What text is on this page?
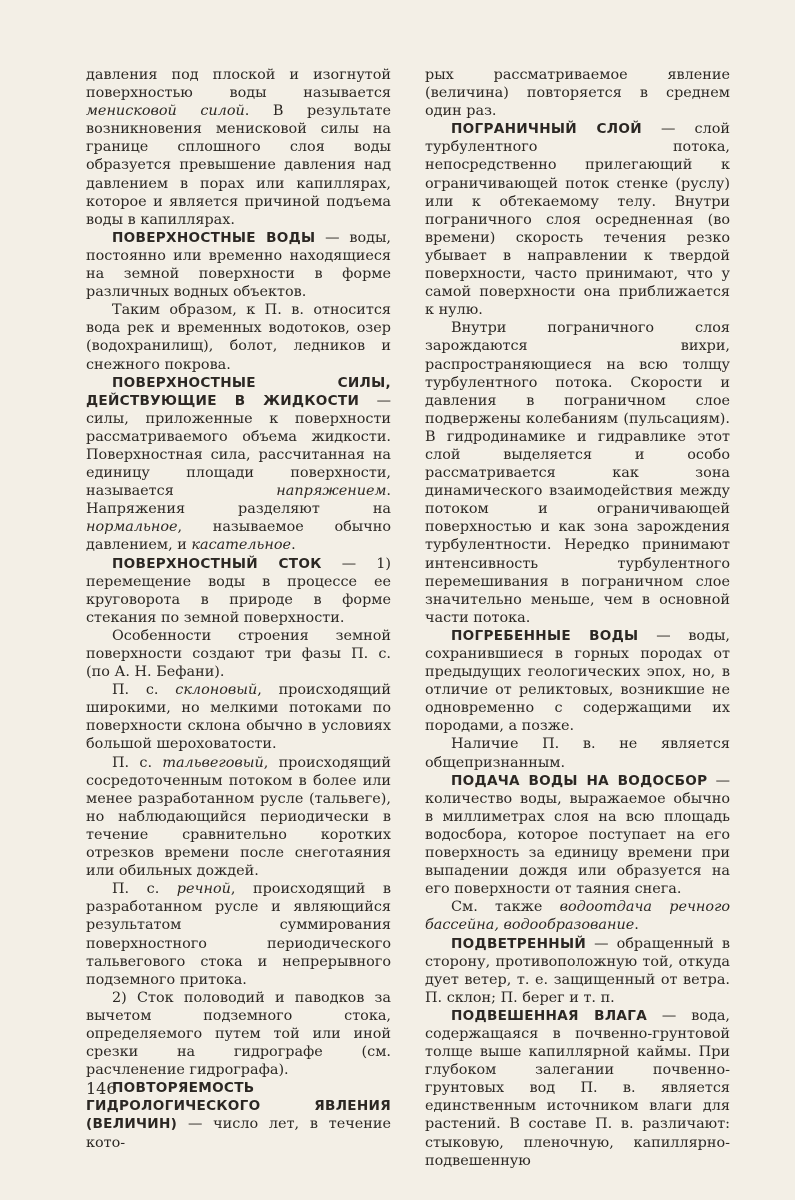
давления под плоской и изогнутой поверхностью воды называется менисковой силой. В результате возникновения менисковой силы на границе сплошного слоя воды образуется превышение давления над давлением в порах или капиллярах, которое и является причиной подъема воды в капиллярах.

ПОВЕРХНОСТНЫЕ ВОДЫ — воды, постоянно или временно находящиеся на земной поверхности в форме различных водных объектов.

Таким образом, к П. в. относится вода рек и временных водотоков, озер (водохранилищ), болот, ледников и снежного покрова.

ПОВЕРХНОСТНЫЕ СИЛЫ, ДЕЙСТВУЮЩИЕ В ЖИДКОСТИ — силы, приложенные к поверхности рассматриваемого объема жидкости. Поверхностная сила, рассчитанная на единицу площади поверхности, называется напряжением. Напряжения разделяют на нормальное, называемое обычно давлением, и касательное.

ПОВЕРХНОСТНЫЙ СТОК — 1) перемещение воды в процессе ее круговорота в природе в форме стекания по земной поверхности.

Особенности строения земной поверхности создают три фазы П. с. (по А. Н. Бефани).

П. с. склоновый, происходящий широкими, но мелкими потоками по поверхности склона обычно в условиях большой шероховатости.

П. с. тальвеговый, происходящий сосредоточенным потоком в более или менее разработанном русле (тальвеге), но наблюдающийся периодически в течение сравнительно коротких отрезков времени после снеготаяния или обильных дождей.

П. с. речной, происходящий в разработанном русле и являющийся результатом суммирования поверхностного периодического тальвегового стока и непрерывного подземного притока.

2) Сток половодий и паводков за вычетом подземного стока, определяемого путем той или иной срезки на гидрографе (см. расчленение гидрографа).

ПОВТОРЯЕМОСТЬ ГИДРОЛОГИЧЕСКОГО ЯВЛЕНИЯ (ВЕЛИЧИН) — число лет, в течение кото-

рых рассматриваемое явление (величина) повторяется в среднем один раз.

ПОГРАНИЧНЫЙ СЛОЙ — слой турбулентного потока, непосредственно прилегающий к ограничивающей поток стенке (руслу) или к обтекаемому телу. Внутри пограничного слоя осредненная (во времени) скорость течения резко убывает в направлении к твердой поверхности, часто принимают, что у самой поверхности она приближается к нулю.

Внутри пограничного слоя зарождаются вихри, распространяющиеся на всю толщу турбулентного потока. Скорости и давления в пограничном слое подвержены колебаниям (пульсациям). В гидродинамике и гидравлике этот слой выделяется и особо рассматривается как зона динамического взаимодействия между потоком и ограничивающей поверхностью и как зона зарождения турбулентности. Нередко принимают интенсивность турбулентного перемешивания в пограничном слое значительно меньше, чем в основной части потока.

ПОГРЕБЕННЫЕ ВОДЫ — воды, сохранившиеся в горных породах от предыдущих геологических эпох, но, в отличие от реликтовых, возникшие не одновременно с содержащими их породами, а позже.

Наличие П. в. не является общепризнанным.

ПОДАЧА ВОДЫ НА ВОДОСБОР — количество воды, выражаемое обычно в миллиметрах слоя на всю площадь водосбора, которое поступает на его поверхность за единицу времени при выпадении дождя или образуется на его поверхности от таяния снега.

См. также водоотдача речного бассейна, водообразование.

ПОДВЕТРЕННЫЙ — обращенный в сторону, противоположную той, откуда дует ветер, т. е. защищенный от ветра. П. склон; П. берег и т. п.

ПОДВЕШЕННАЯ ВЛАГА — вода, содержащаяся в почвенно-грунтовой толще выше капиллярной каймы. При глубоком залегании почвенно-грунтовых вод П. в. является единственным источником влаги для растений. В составе П. в. различают: стыковую, пленочную, капиллярно-подвешенную

146
